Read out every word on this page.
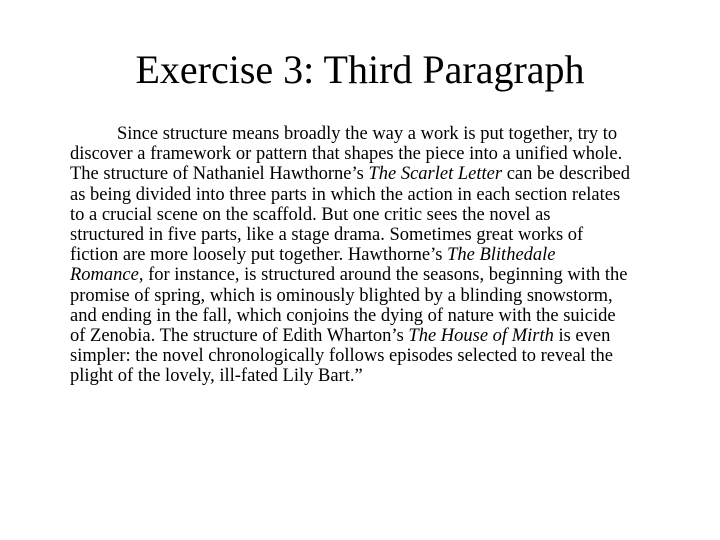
Exercise 3: Third Paragraph
Since structure means broadly the way a work is put together, try to
discover a framework or pattern that shapes the piece into a unified whole.
The structure of Nathaniel Hawthorne’s The Scarlet Letter can be described
as being divided into three parts in which the action in each section relates
to a crucial scene on the scaffold. But one critic sees the novel as
structured in five parts, like a stage drama. Sometimes great works of
fiction are more loosely put together. Hawthorne’s The Blithedale
Romance, for instance, is structured around the seasons, beginning with the
promise of spring, which is ominously blighted by a blinding snowstorm,
and ending in the fall, which conjoins the dying of nature with the suicide
of Zenobia. The structure of Edith Wharton’s The House of Mirth is even
simpler: the novel chronologically follows episodes selected to reveal the
plight of the lovely, ill-fated Lily Bart.”
